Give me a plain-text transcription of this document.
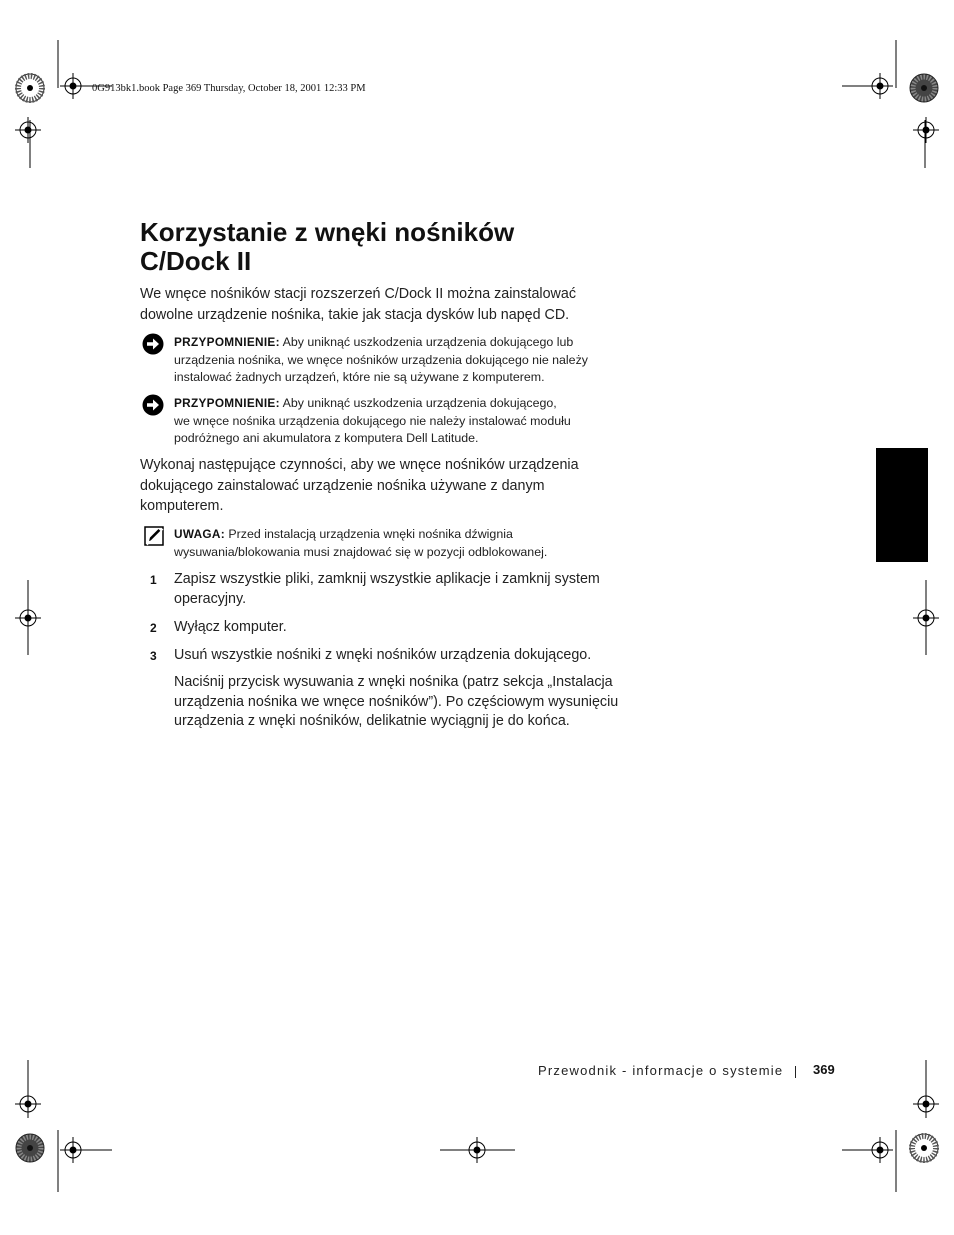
0G913bk1.book Page 369 Thursday, October 18, 2001 12:33 PM
Korzystanie z wnęki nośników
C/Dock II

We wnęce nośników stacji rozszerzeń C/Dock II można zainstalować
dowolne urządzenie nośnika, takie jak stacja dysków lub napęd CD.

PRZYPOMNIENIE: Aby uniknąć uszkodzenia urządzenia dokującego lub
urządzenia nośnika, we wnęce nośników urządzenia dokującego nie należy
instalować żadnych urządzeń, które nie są używane z komputerem.
PRZYPOMNIENIE: Aby uniknąć uszkodzenia urządzenia dokującego,
we wnęce nośnika urządzenia dokującego nie należy instalować modułu
podróżnego ani akumulatora z komputera Dell Latitude.

Wykonaj następujące czynności, aby we wnęce nośników urządzenia
dokującego zainstalować urządzenie nośnika używane z danym
komputerem.

UWAGA: Przed instalacją urządzenia wnęki nośnika dźwignia
wysuwania/blokowania musi znajdować się w pozycji odblokowanej.
1 Zapisz wszystkie pliki, zamknij wszystkie aplikacje i zamknij system
operacyjny.

2 Wyłącz komputer.

3 Usuń wszystkie nośniki z wnęki nośników urządzenia dokującego.

Naciśnij przycisk wysuwania z wnęki nośnika (patrz sekcja „Instalacja
urządzenia nośnika we wnęce nośników”). Po częściowym wysunięciu
urządzenia z wnęki nośników, delikatnie wyciągnij je do końca.

Przewodnik - informacje o systemie 369
